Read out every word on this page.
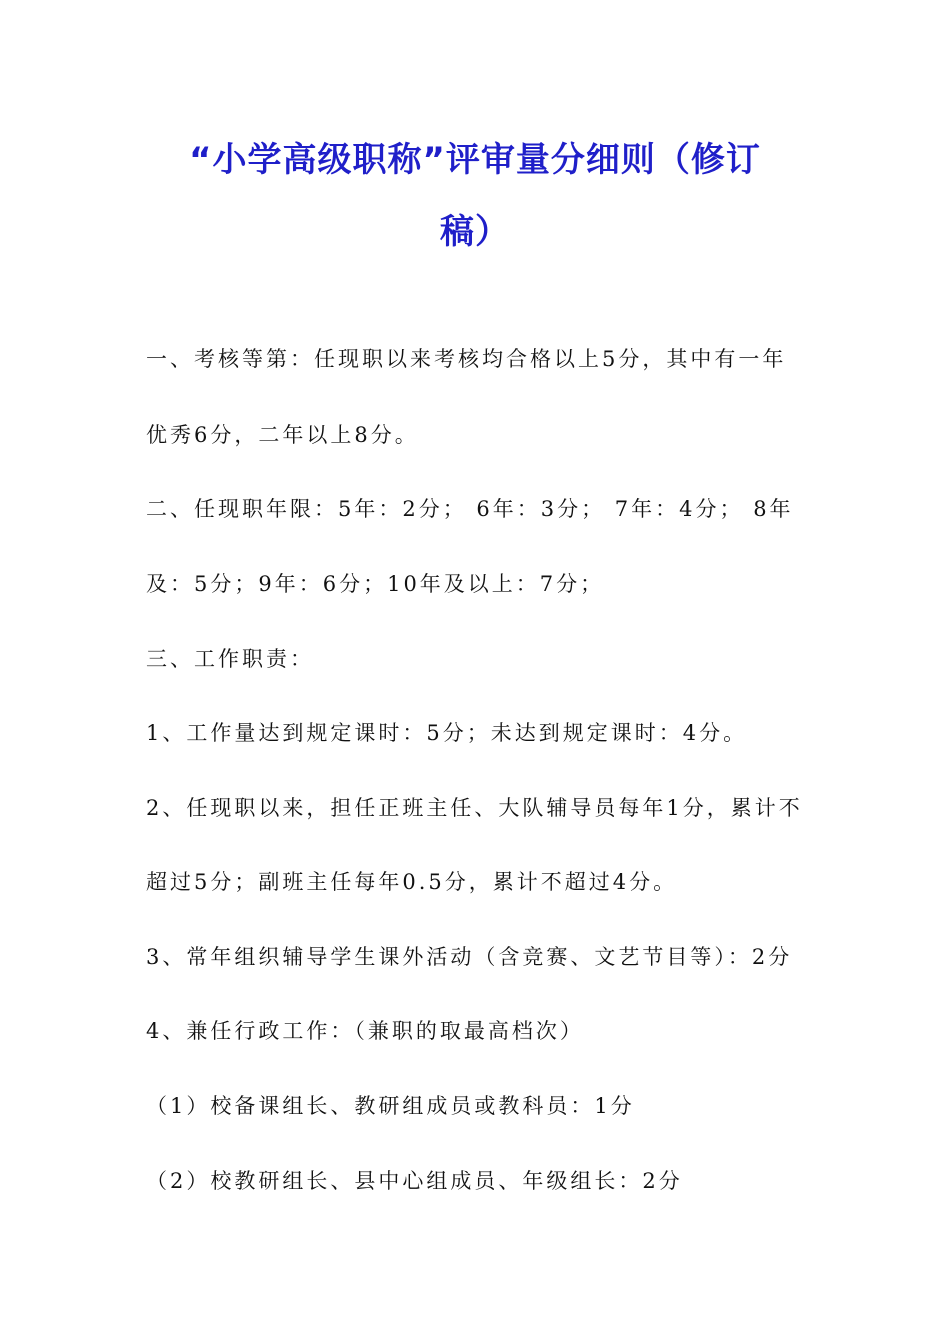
“小学高级职称”评审量分细则（修订
稿）
一、考核等第：任现职以来考核均合格以上5分，其中有一年
优秀6分，二年以上8分。
二、任现职年限：5年：2分； 6年：3分； 7年：4分； 8年
及：5分；9年：6分；10年及以上：7分；
三、工作职责：
1、工作量达到规定课时：5分；未达到规定课时：4分。
2、任现职以来，担任正班主任、大队辅导员每年1分，累计不
超过5分；副班主任每年0.5分，累计不超过4分。
3、常年组织辅导学生课外活动（含竞赛、文艺节目等）：2分
4、兼任行政工作：（兼职的取最高档次）
（1）校备课组长、教研组成员或教科员：1分
（2）校教研组长、县中心组成员、年级组长：2分
